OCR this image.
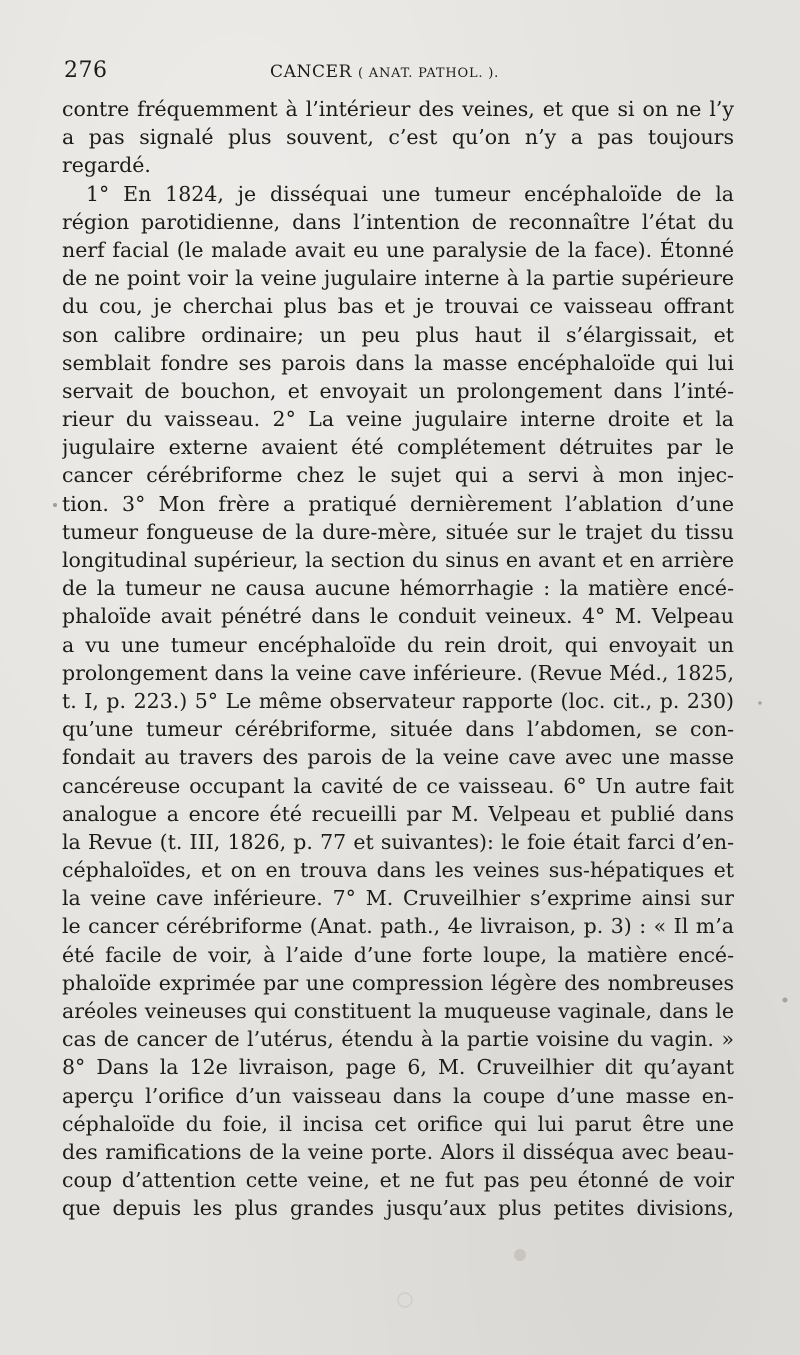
276	CANCER ( ANAT. PATHOL. ).
contre fréquemment à l’intérieur des veines, et que si on ne l’y
a pas signalé plus souvent, c’est qu’on n’y a pas toujours
regardé.
1° En 1824, je disséquai une tumeur encéphaloïde de la
région parotidienne, dans l’intention de reconnaître l’état du
nerf facial (le malade avait eu une paralysie de la face). Étonné
de ne point voir la veine jugulaire interne à la partie supérieure
du cou, je cherchai plus bas et je trouvai ce vaisseau offrant
son calibre ordinaire; un peu plus haut il s’élargissait, et
semblait fondre ses parois dans la masse encéphaloïde qui lui
servait de bouchon, et envoyait un prolongement dans l’inté-
rieur du vaisseau. 2° La veine jugulaire interne droite et la
jugulaire externe avaient été complétement détruites par le
cancer cérébriforme chez le sujet qui a servi à mon injec-
tion. 3° Mon frère a pratiqué dernièrement l’ablation d’une
tumeur fongueuse de la dure-mère, située sur le trajet du tissu
longitudinal supérieur, la section du sinus en avant et en arrière
de la tumeur ne causa aucune hémorrhagie : la matière encé-
phaloïde avait pénétré dans le conduit veineux. 4° M. Velpeau
a vu une tumeur encéphaloïde du rein droit, qui envoyait un
prolongement dans la veine cave inférieure. (Revue Méd., 1825,
t. I, p. 223.) 5° Le même observateur rapporte (loc. cit., p. 230)
qu’une tumeur cérébriforme, située dans l’abdomen, se con-
fondait au travers des parois de la veine cave avec une masse
cancéreuse occupant la cavité de ce vaisseau. 6° Un autre fait
analogue a encore été recueilli par M. Velpeau et publié dans
la Revue (t. III, 1826, p. 77 et suivantes): le foie était farci d’en-
céphaloïdes, et on en trouva dans les veines sus-hépatiques et
la veine cave inférieure. 7° M. Cruveilhier s’exprime ainsi sur
le cancer cérébriforme (Anat. path., 4e livraison, p. 3) : « Il m’a
été facile de voir, à l’aide d’une forte loupe, la matière encé-
phaloïde exprimée par une compression légère des nombreuses
aréoles veineuses qui constituent la muqueuse vaginale, dans le
cas de cancer de l’utérus, étendu à la partie voisine du vagin. »
8° Dans la 12e livraison, page 6, M. Cruveilhier dit qu’ayant
aperçu l’orifice d’un vaisseau dans la coupe d’une masse en-
céphaloïde du foie, il incisa cet orifice qui lui parut être une
des ramifications de la veine porte. Alors il disséqua avec beau-
coup d’attention cette veine, et ne fut pas peu étonné de voir
que depuis les plus grandes jusqu’aux plus petites divisions,
